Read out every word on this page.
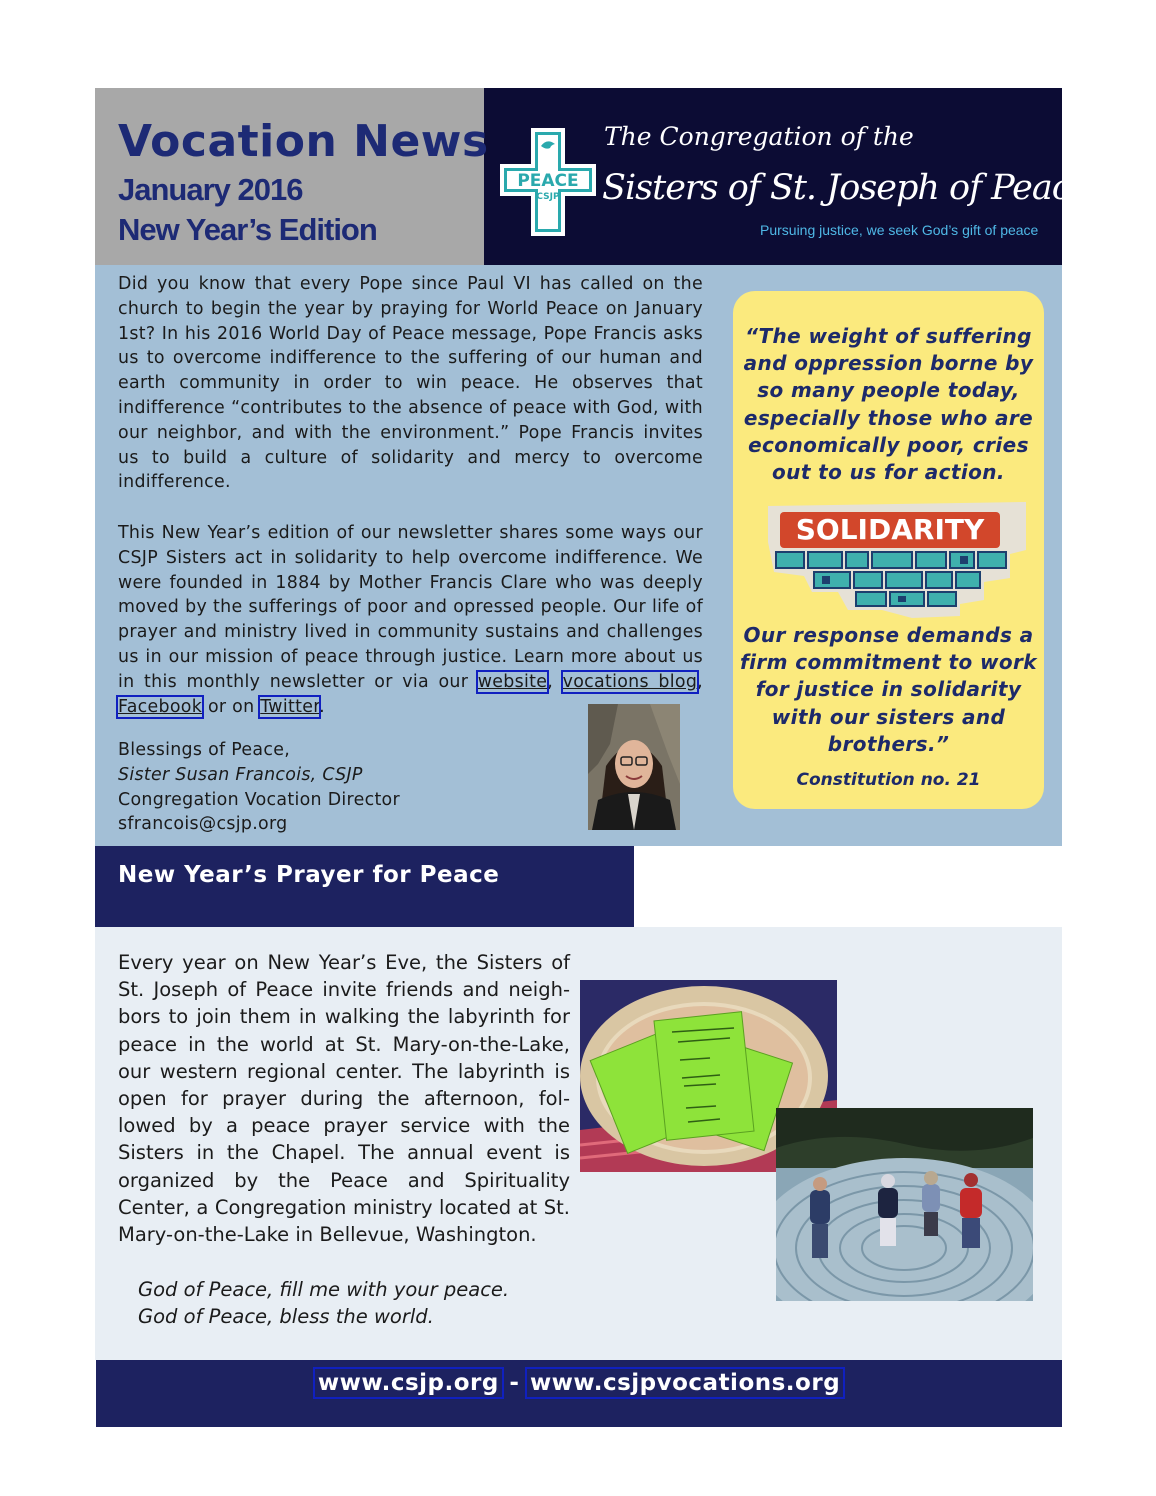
Vocation News
January 2016
New Year’s Edition
PEACE
CSJP
The Congregation of the
Sisters of St. Joseph of Peace
Pursuing justice, we seek God’s gift of peace
Did you know that every Pope since Paul VI has called on the church to begin the year by praying for World Peace on January 1st? In his 2016 World Day of Peace message, Pope Francis asks us to overcome indifference to the suffering of our human and earth community in order to win peace. He observes that indifference “contributes to the absence of peace with God, with our neighbor, and with the environment.” Pope Francis invites us to build a culture of solidarity and mercy to overcome indifference.
This New Year’s edition of our newsletter shares some ways our CSJP Sisters act in solidarity to help overcome indifference. We were founded in 1884 by Mother Francis Clare who was deeply moved by the sufferings of poor and opressed people. Our life of prayer and ministry lived in community sustains and challenges us in our mission of peace through justice. Learn more about us in this monthly newsletter or via our website, vocations blog, Facebook or on Twitter.
Blessings of Peace,
Sister Susan Francois, CSJP
Congregation Vocation Director
sfrancois@csjp.org
“The weight of suffering and oppression borne by so many people today, especially those who are economically poor, cries out to us for action.
SOLIDARITY
Our response demands a firm commitment to work for justice in solidarity with our sisters and brothers.”
Constitution no. 21
New Year’s Prayer for Peace
Every year on New Year’s Eve, the Sisters of St. Joseph of Peace invite friends and neighbors to join them in walking the labyrinth for peace in the world at St. Mary-on-the-Lake, our western regional center. The labyrinth is open for prayer during the afternoon, followed by a peace prayer service with the Sisters in the Chapel. The annual event is organized by the Peace and Spirituality Center, a Congregation ministry located at St. Mary-on-the-Lake in Bellevue, Washington.
God of Peace, fill me with your peace.
God of Peace, bless the world.
www.csjp.org - www.csjpvocations.org
